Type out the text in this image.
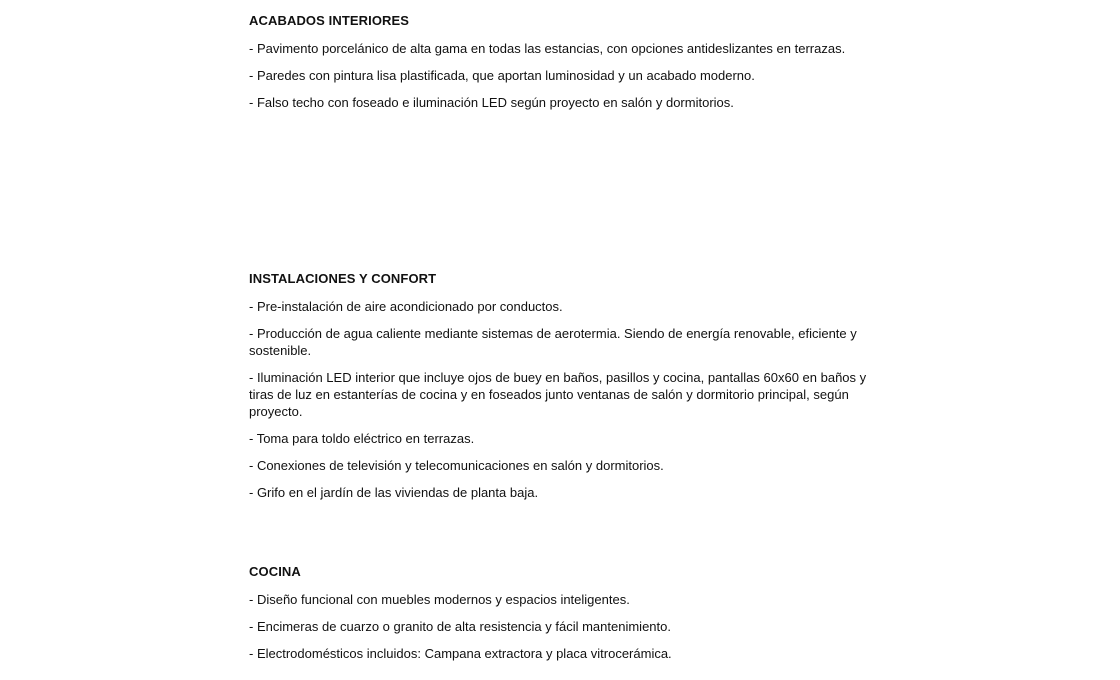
ACABADOS INTERIORES
- Pavimento porcelánico de alta gama en todas las estancias, con opciones antideslizantes en terrazas.
- Paredes con pintura lisa plastificada, que aportan luminosidad y un acabado moderno.
- Falso techo con foseado e iluminación LED según proyecto en salón y dormitorios.
INSTALACIONES Y CONFORT
- Pre-instalación de aire acondicionado por conductos.
- Producción de agua caliente mediante sistemas de aerotermia. Siendo de energía renovable, eficiente y sostenible.
- Iluminación LED interior que incluye ojos de buey en baños, pasillos y cocina, pantallas 60x60 en baños y tiras de luz en estanterías de cocina y en foseados junto ventanas de salón y dormitorio principal, según proyecto.
- Toma para toldo eléctrico en terrazas.
- Conexiones de televisión y telecomunicaciones en salón y dormitorios.
- Grifo en el jardín de las viviendas de planta baja.
COCINA
- Diseño funcional con muebles modernos y espacios inteligentes.
- Encimeras de cuarzo o granito de alta resistencia y fácil mantenimiento.
- Electrodomésticos incluidos: Campana extractora y placa vitrocerámica.
